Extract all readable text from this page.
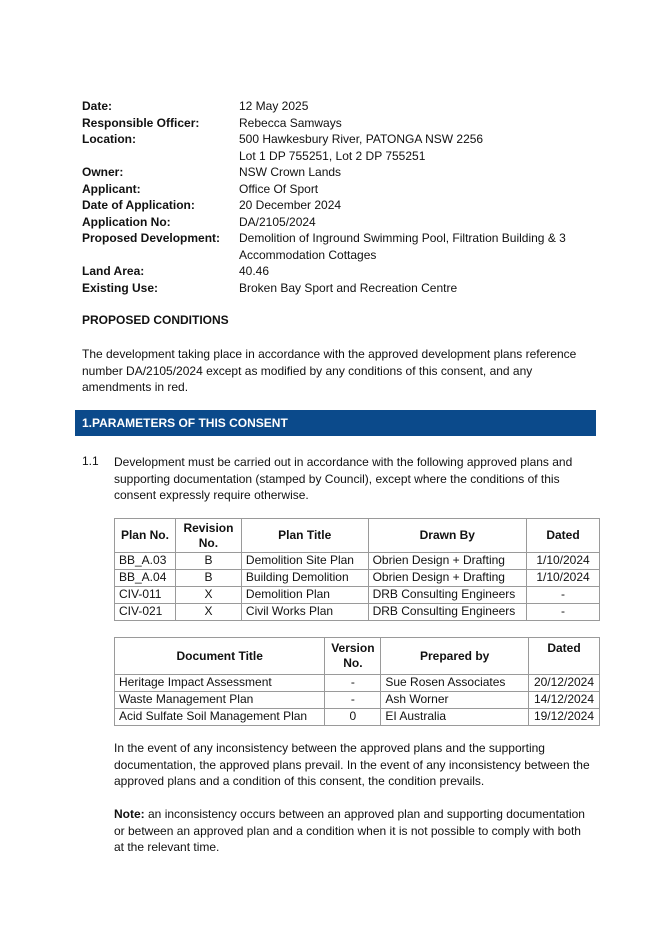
Date:	12 May 2025
Responsible Officer:	Rebecca Samways
Location:	500 Hawkesbury River, PATONGA NSW 2256
Lot 1 DP 755251, Lot 2 DP 755251
Owner:	NSW Crown Lands
Applicant:	Office Of Sport
Date of Application:	20 December 2024
Application No:	DA/2105/2024
Proposed Development:	Demolition of Inground Swimming Pool, Filtration Building & 3 Accommodation Cottages
Land Area:	40.46
Existing Use:	Broken Bay Sport and Recreation Centre
PROPOSED CONDITIONS
The development taking place in accordance with the approved development plans reference number DA/2105/2024 except as modified by any conditions of this consent, and any amendments in red.
1.PARAMETERS OF THIS CONSENT
1.1 Development must be carried out in accordance with the following approved plans and supporting documentation (stamped by Council), except where the conditions of this consent expressly require otherwise.
Plan No.	Revision No.	Plan Title	Drawn By	Dated
BB_A.03	B	Demolition Site Plan	Obrien Design + Drafting	1/10/2024
BB_A.04	B	Building Demolition	Obrien Design + Drafting	1/10/2024
CIV-011	X	Demolition Plan	DRB Consulting Engineers	-
CIV-021	X	Civil Works Plan	DRB Consulting Engineers	-
Document Title	Version No.	Prepared by	Dated
Heritage Impact Assessment	-	Sue Rosen Associates	20/12/2024
Waste Management Plan	-	Ash Worner	14/12/2024
Acid Sulfate Soil Management Plan	0	EI Australia	19/12/2024
In the event of any inconsistency between the approved plans and the supporting documentation, the approved plans prevail. In the event of any inconsistency between the approved plans and a condition of this consent, the condition prevails.
Note: an inconsistency occurs between an approved plan and supporting documentation or between an approved plan and a condition when it is not possible to comply with both at the relevant time.
